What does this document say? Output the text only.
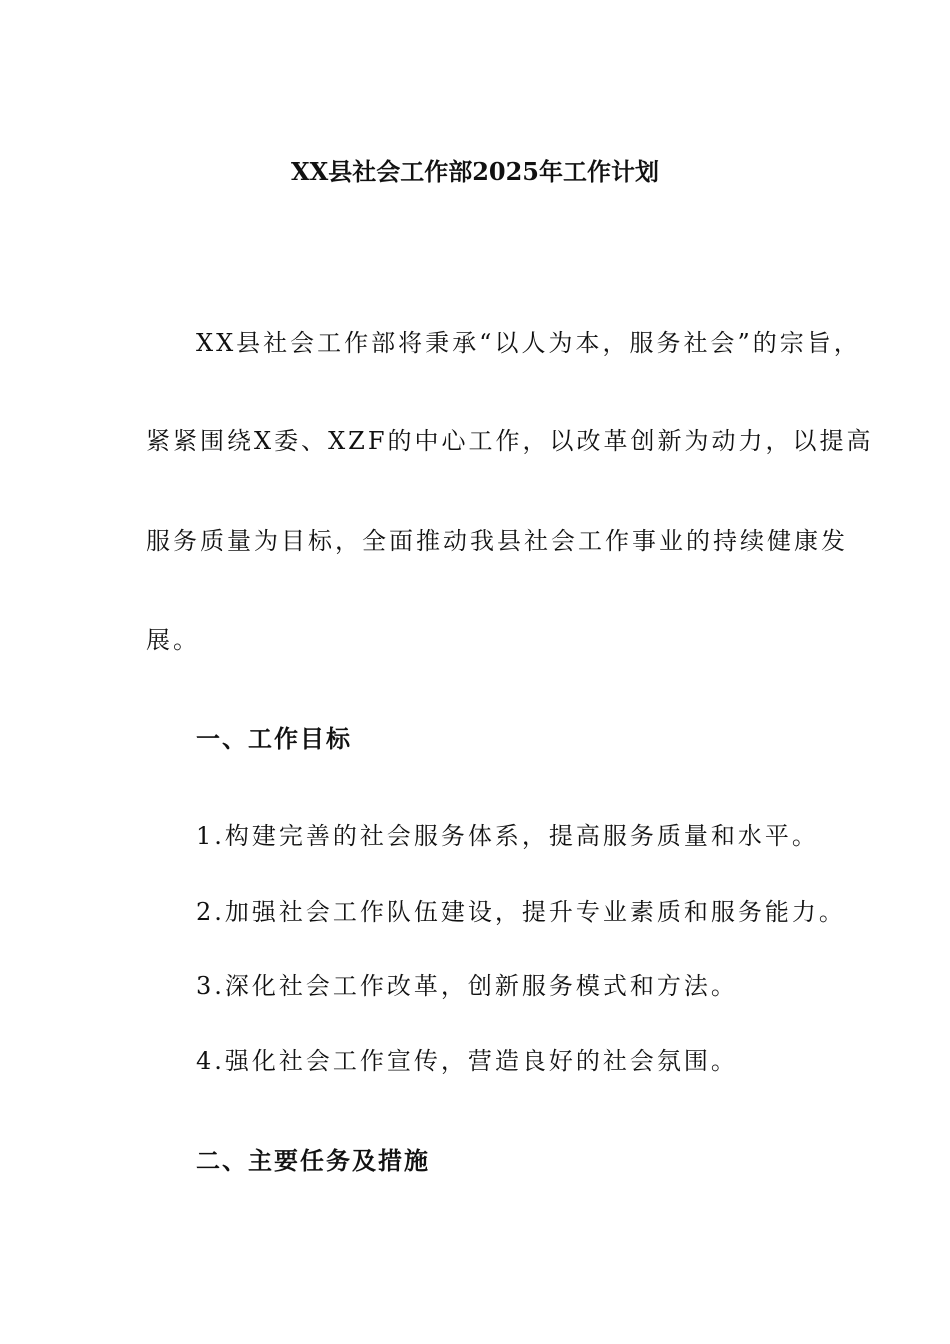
XX县社会工作部2025年工作计划
XX县社会工作部将秉承“以人为本，服务社会”的宗旨，
紧紧围绕X委、XZF的中心工作，以改革创新为动力，以提高
服务质量为目标，全面推动我县社会工作事业的持续健康发
展。
一、工作目标
1.构建完善的社会服务体系，提高服务质量和水平。
2.加强社会工作队伍建设，提升专业素质和服务能力。
3.深化社会工作改革，创新服务模式和方法。
4.强化社会工作宣传，营造良好的社会氛围。
二、主要任务及措施
